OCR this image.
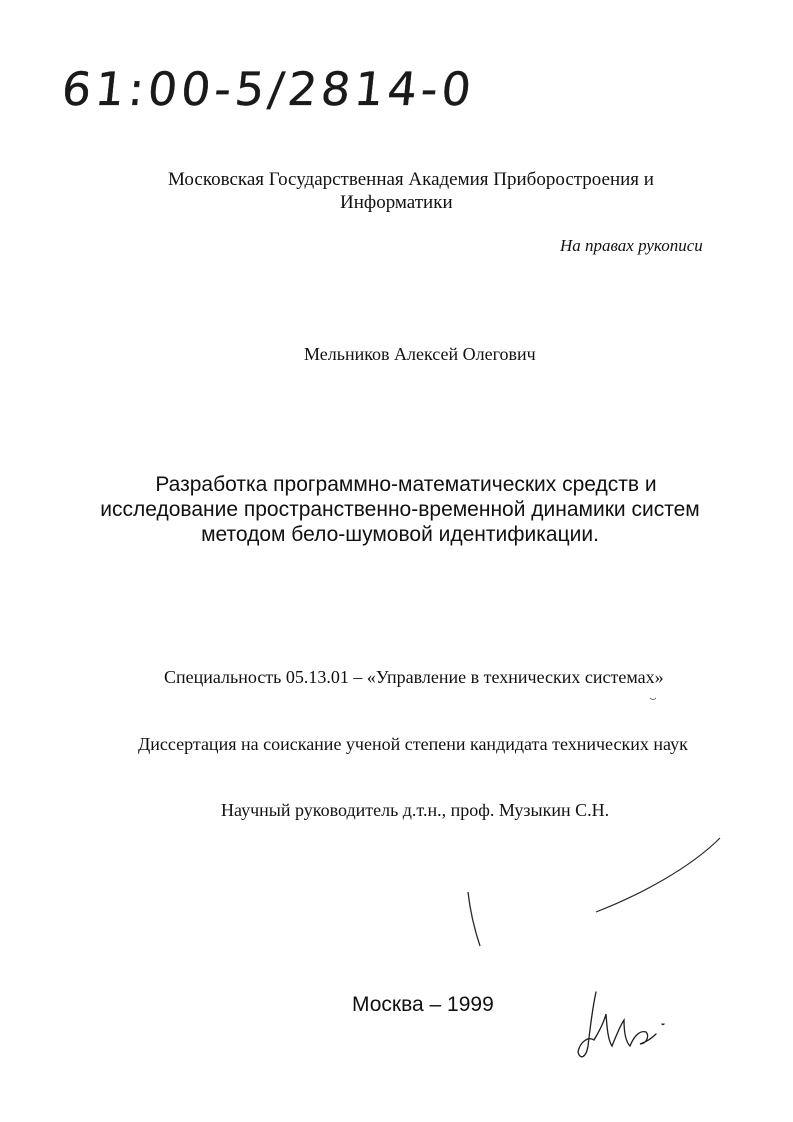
61:00-5/2814-0
Московская Государственная Академия Приборостроения и
Информатики
На правах рукописи
Мельников Алексей Олегович
Разработка программно-математических средств и
исследование пространственно-временной динамики систем
методом бело-шумовой идентификации.
Специальность 05.13.01 – «Управление в технических системах»
Диссертация на соискание ученой степени кандидата технических наук
Научный руководитель д.т.н., проф. Музыкин С.Н.
Москва – 1999
